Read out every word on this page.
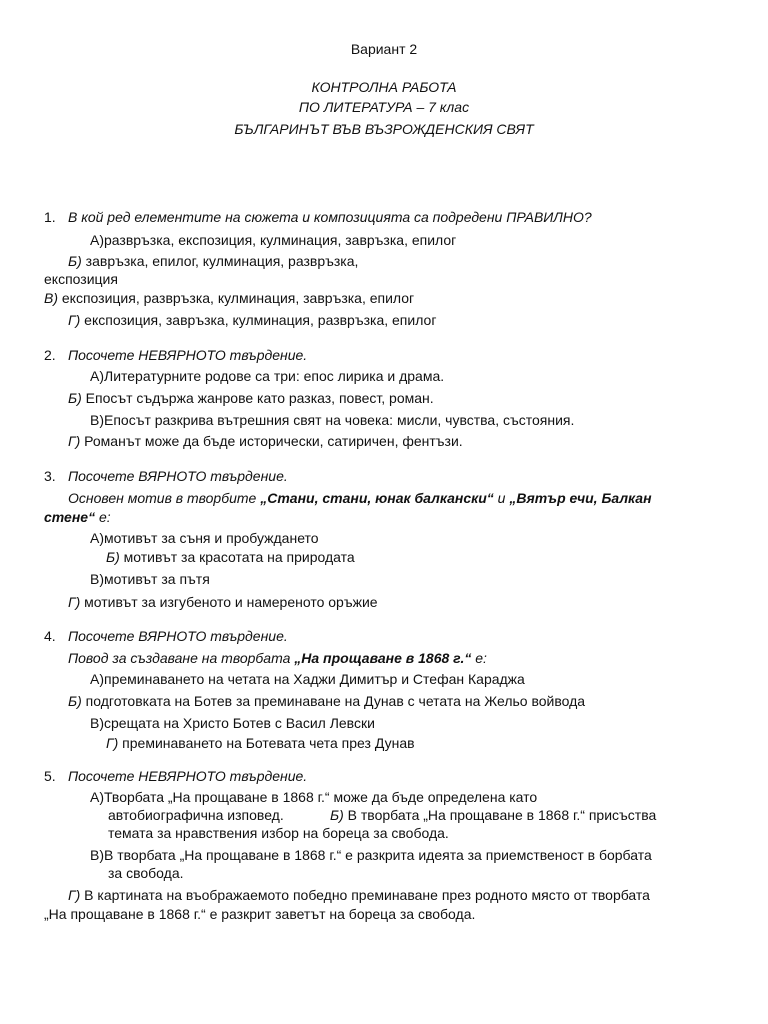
Вариант 2
КОНТРОЛНА РАБОТА
ПО ЛИТЕРАТУРА – 7 клас
БЪЛГАРИНЪТ ВЪВ ВЪЗРОЖДЕНСКИЯ СВЯТ
1. В кой ред елементите на сюжета и композицията са подредени ПРАВИЛНО?
А)развръзка, експозиция, кулминация, завръзка, епилог
Б) завръзка, епилог, кулминация, развръзка,
експозиция
В) експозиция, развръзка, кулминация, завръзка, епилог
Г) експозиция, завръзка, кулминация, развръзка, епилог
2. Посочете НЕВЯРНОТО твърдение.
А)Литературните родове са три: епос лирика и драма.
Б) Епосът съдържа жанрове като разказ, повест, роман.
В)Епосът разкрива вътрешния свят на човека: мисли, чувства, състояния.
Г) Романът може да бъде исторически, сатиричен, фентъзи.
3. Посочете ВЯРНОТО твърдение.
Основен мотив в творбите „Стани, стани, юнак балкански“ и „Вятър ечи, Балкан
стене“ е:
А)мотивът за съня и пробуждането
Б) мотивът за красотата на природата
В)мотивът за пътя
Г) мотивът за изгубеното и намереното оръжие
4. Посочете ВЯРНОТО твърдение.
Повод за създаване на творбата „На прощаване в 1868 г.“ е:
А)преминаването на четата на Хаджи Димитър и Стефан Караджа
Б) подготовката на Ботев за преминаване на Дунав с четата на Жельо войвода
В)срещата на Христо Ботев с Васил Левски
Г) преминаването на Ботевата чета през Дунав
5. Посочете НЕВЯРНОТО твърдение.
А)Творбата „На прощаване в 1868 г.“ може да бъде определена като
автобиографична изповед.	Б) В творбата „На прощаване в 1868 г.“ присъства
темата за нравствения избор на бореца за свобода.
В)В творбата „На прощаване в 1868 г.“ е разкрита идеята за приемственост в борбата
за свобода.
Г) В картината на въображаемото победно преминаване през родното място от творбата
„На прощаване в 1868 г.“ е разкрит заветът на бореца за свобода.
